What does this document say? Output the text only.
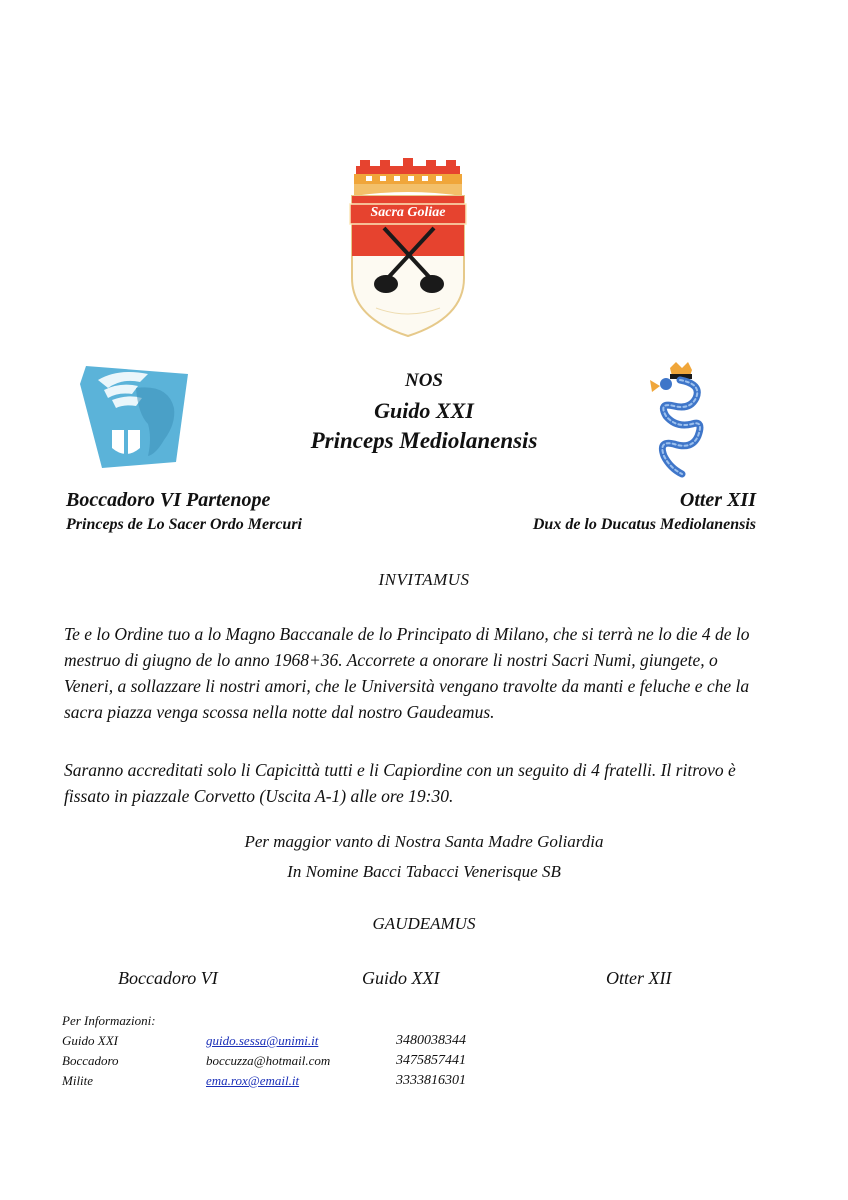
Sacra Goliae
NOS
Guido XXI
Princeps Mediolanensis
Boccadoro VI Partenope
Princeps de Lo Sacer Ordo Mercuri
Otter XII
Dux de lo Ducatus Mediolanensis
INVITAMUS
Te e lo Ordine tuo a lo Magno Baccanale de lo Principato di Milano, che si terrà ne lo die 4 de lo mestruo di giugno de lo anno 1968+36. Accorrete a onorare li nostri Sacri Numi, giungete, o Veneri, a sollazzare li nostri amori, che le Università vengano travolte da manti e feluche e che la sacra piazza venga scossa nella notte dal nostro Gaudeamus.
Saranno accreditati solo li Capicittà tutti e li Capiordine con un seguito di 4 fratelli. Il ritrovo è fissato in piazzale Corvetto (Uscita A-1) alle ore 19:30.
Per maggior vanto di Nostra Santa Madre Goliardia
In Nomine Bacci Tabacci Venerisque SB
GAUDEAMUS
Boccadoro VI	Guido XXI	Otter XII
Per Informazioni:
Guido XXI	guido.sessa@unimi.it	3480038344
Boccadoro	boccuzza@hotmail.com	3475857441
Milite	ema.rox@email.it	3333816301
